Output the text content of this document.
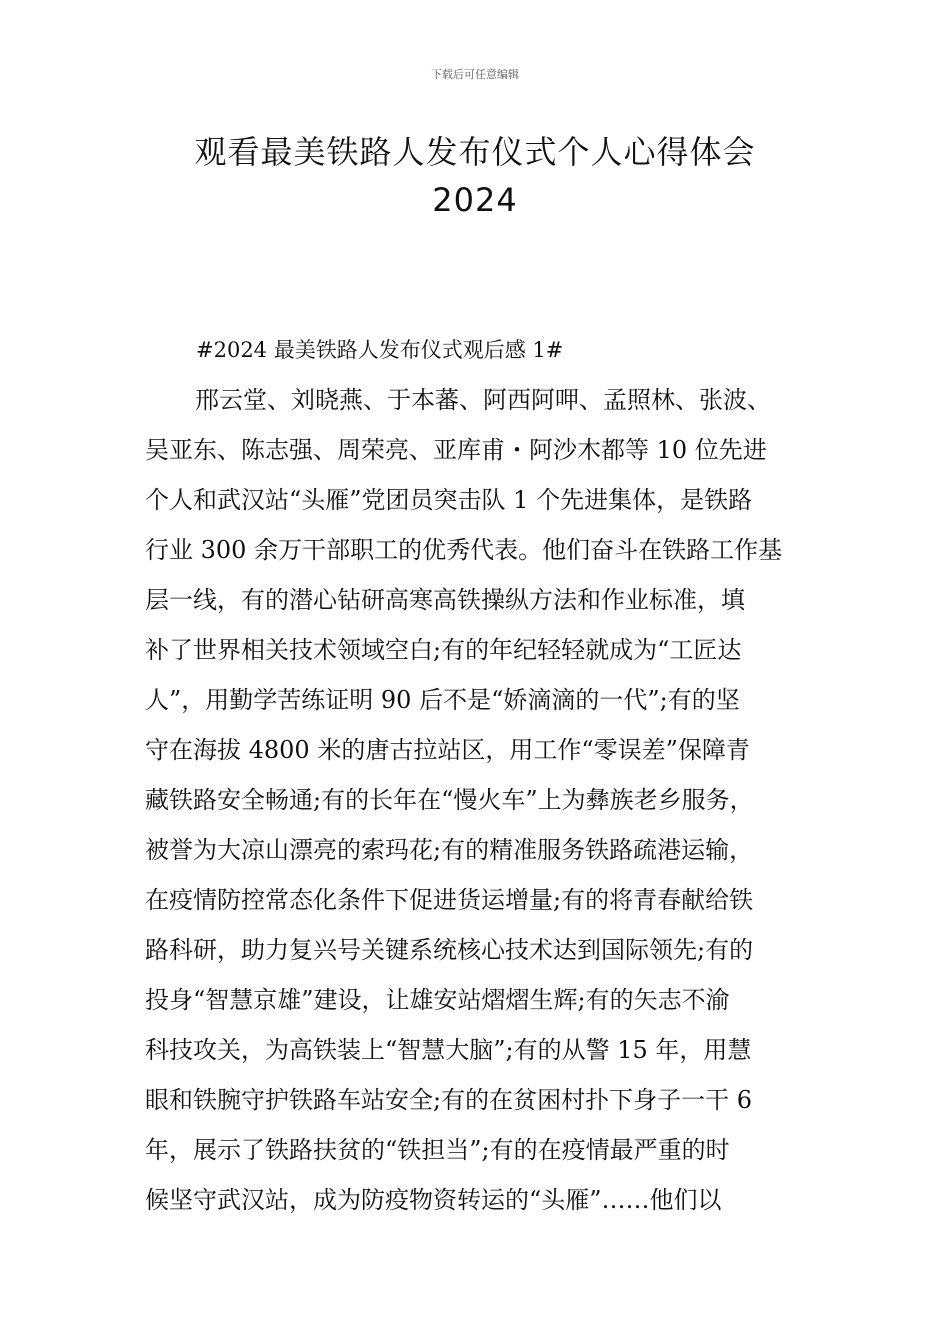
下载后可任意编辑
观看最美铁路人发布仪式个人心得体会
2024
#2024 最美铁路人发布仪式观后感 1#
邢云堂、刘晓燕、于本蕃、阿西阿呷、孟照林、张波、
吴亚东、陈志强、周荣亮、亚库甫・阿沙木都等 10 位先进
个人和武汉站“头雁”党团员突击队 1 个先进集体，是铁路
行业 300 余万干部职工的优秀代表。他们奋斗在铁路工作基
层一线，有的潜心钻研高寒高铁操纵方法和作业标准，填
补了世界相关技术领域空白;有的年纪轻轻就成为“工匠达
人”，用勤学苦练证明 90 后不是“娇滴滴的一代”;有的坚
守在海拔 4800 米的唐古拉站区，用工作“零误差”保障青
藏铁路安全畅通;有的长年在“慢火车”上为彝族老乡服务，
被誉为大凉山漂亮的索玛花;有的精准服务铁路疏港运输，
在疫情防控常态化条件下促进货运增量;有的将青春献给铁
路科研，助力复兴号关键系统核心技术达到国际领先;有的
投身“智慧京雄”建设，让雄安站熠熠生辉;有的矢志不渝
科技攻关，为高铁装上“智慧大脑”;有的从警 15 年，用慧
眼和铁腕守护铁路车站安全;有的在贫困村扑下身子一干 6
年，展示了铁路扶贫的“铁担当”;有的在疫情最严重的时
候坚守武汉站，成为防疫物资转运的“头雁”……他们以
